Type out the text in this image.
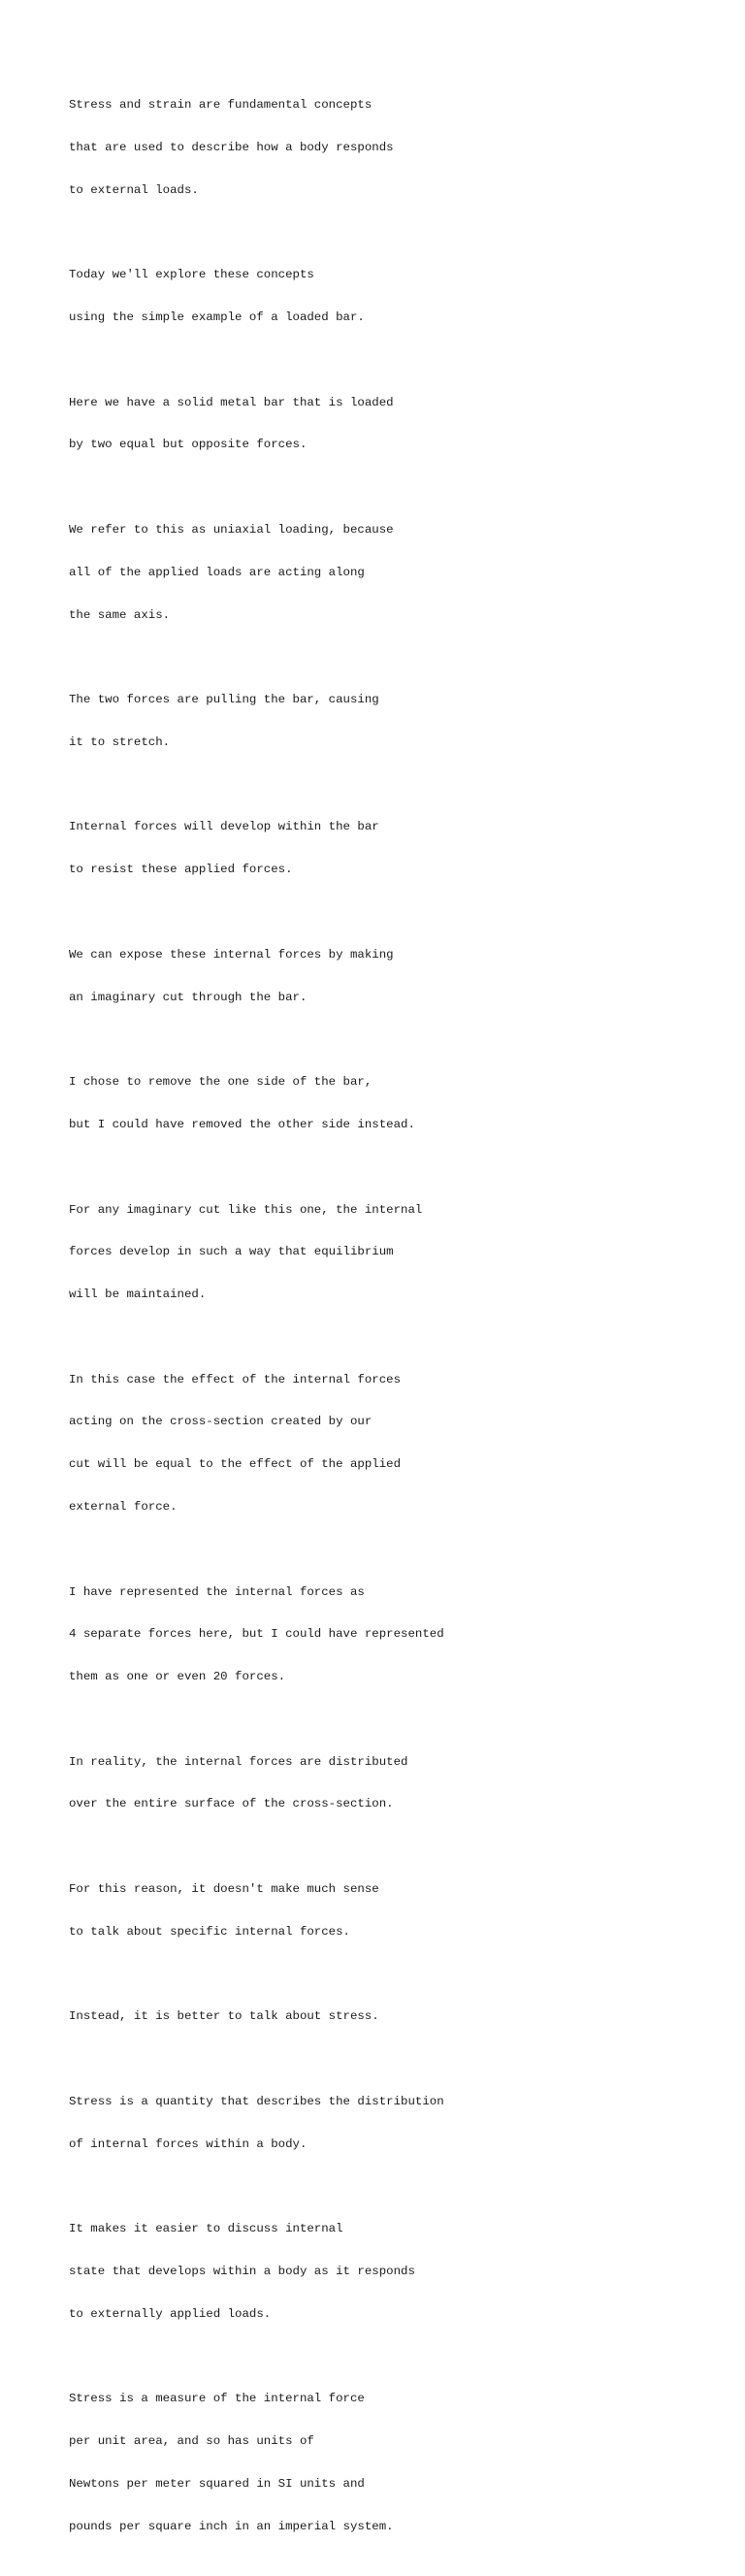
Stress and strain are fundamental concepts

that are used to describe how a body responds

to external loads.

Today we'll explore these concepts

using the simple example of a loaded bar.

Here we have a solid metal bar that is loaded

by two equal but opposite forces.

We refer to this as uniaxial loading, because

all of the applied loads are acting along

the same axis.

The two forces are pulling the bar, causing

it to stretch.

Internal forces will develop within the bar

to resist these applied forces.

We can expose these internal forces by making

an imaginary cut through the bar.

I chose to remove the one side of the bar,

but I could have removed the other side instead.

For any imaginary cut like this one, the internal

forces develop in such a way that equilibrium

will be maintained.

In this case the effect of the internal forces

acting on the cross-section created by our

cut will be equal to the effect of the applied

external force.

I have represented the internal forces as

4 separate forces here, but I could have represented

them as one or even 20 forces.

In reality, the internal forces are distributed

over the entire surface of the cross-section.

For this reason, it doesn't make much sense

to talk about specific internal forces.

Instead, it is better to talk about stress.

Stress is a quantity that describes the distribution

of internal forces within a body.

It makes it easier to discuss internal

state that develops within a body as it responds

to externally applied loads.

Stress is a measure of the internal force

per unit area, and so has units of

Newtons per meter squared in SI units and

pounds per square inch in an imperial system.
